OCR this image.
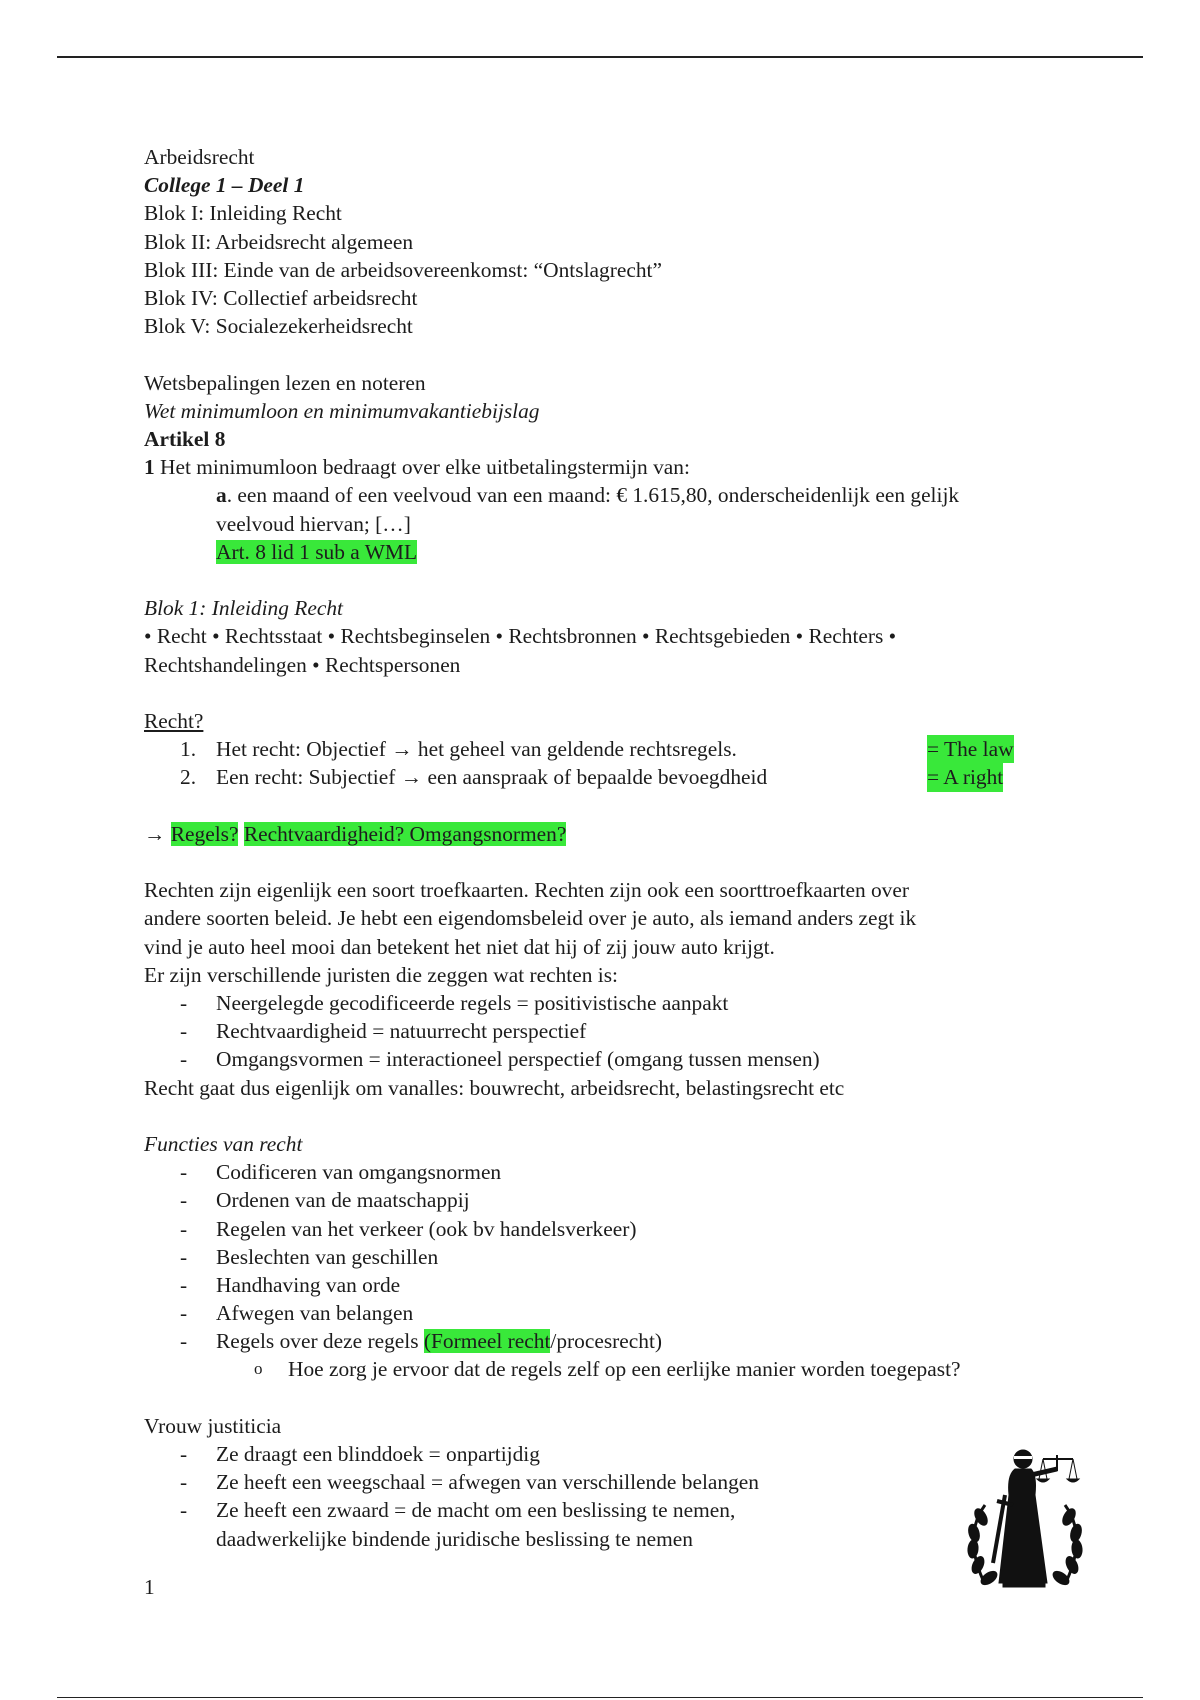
Arbeidsrecht
College 1 – Deel 1
Blok I: Inleiding Recht
Blok II: Arbeidsrecht algemeen
Blok III: Einde van de arbeidsovereenkomst: “Ontslagrecht”
Blok IV: Collectief arbeidsrecht
Blok V: Socialezekerheidsrecht
Wetsbepalingen lezen en noteren
Wet minimumloon en minimumvakantiebijslag
Artikel 8
1 Het minimumloon bedraagt over elke uitbetalingstermijn van:
a. een maand of een veelvoud van een maand: € 1.615,80, onderscheidenlijk een gelijk
veelvoud hiervan; […]
Art. 8 lid 1 sub a WML
Blok 1: Inleiding Recht
• Recht • Rechtsstaat • Rechtsbeginselen • Rechtsbronnen • Rechtsgebieden • Rechters •
Rechtshandelingen • Rechtspersonen
Recht?
1. Het recht: Objectief → het geheel van geldende rechtsregels.	= The law
2. Een recht: Subjectief → een aanspraak of bepaalde bevoegdheid	= A right
→ Regels? Rechtvaardigheid? Omgangsnormen?
Rechten zijn eigenlijk een soort troefkaarten. Rechten zijn ook een soorttroefkaarten over
andere soorten beleid. Je hebt een eigendomsbeleid over je auto, als iemand anders zegt ik
vind je auto heel mooi dan betekent het niet dat hij of zij jouw auto krijgt.
Er zijn verschillende juristen die zeggen wat rechten is:
- Neergelegde gecodificeerde regels = positivistische aanpakt
- Rechtvaardigheid = natuurrecht perspectief
- Omgangsvormen = interactioneel perspectief (omgang tussen mensen)
Recht gaat dus eigenlijk om vanalles: bouwrecht, arbeidsrecht, belastingsrecht etc
Functies van recht
- Codificeren van omgangsnormen
- Ordenen van de maatschappij
- Regelen van het verkeer (ook bv handelsverkeer)
- Beslechten van geschillen
- Handhaving van orde
- Afwegen van belangen
- Regels over deze regels (Formeel recht/procesrecht)
o Hoe zorg je ervoor dat de regels zelf op een eerlijke manier worden toegepast?
Vrouw justiticia
- Ze draagt een blinddoek = onpartijdig
- Ze heeft een weegschaal = afwegen van verschillende belangen
- Ze heeft een zwaard = de macht om een beslissing te nemen,
daadwerkelijke bindende juridische beslissing te nemen
1
